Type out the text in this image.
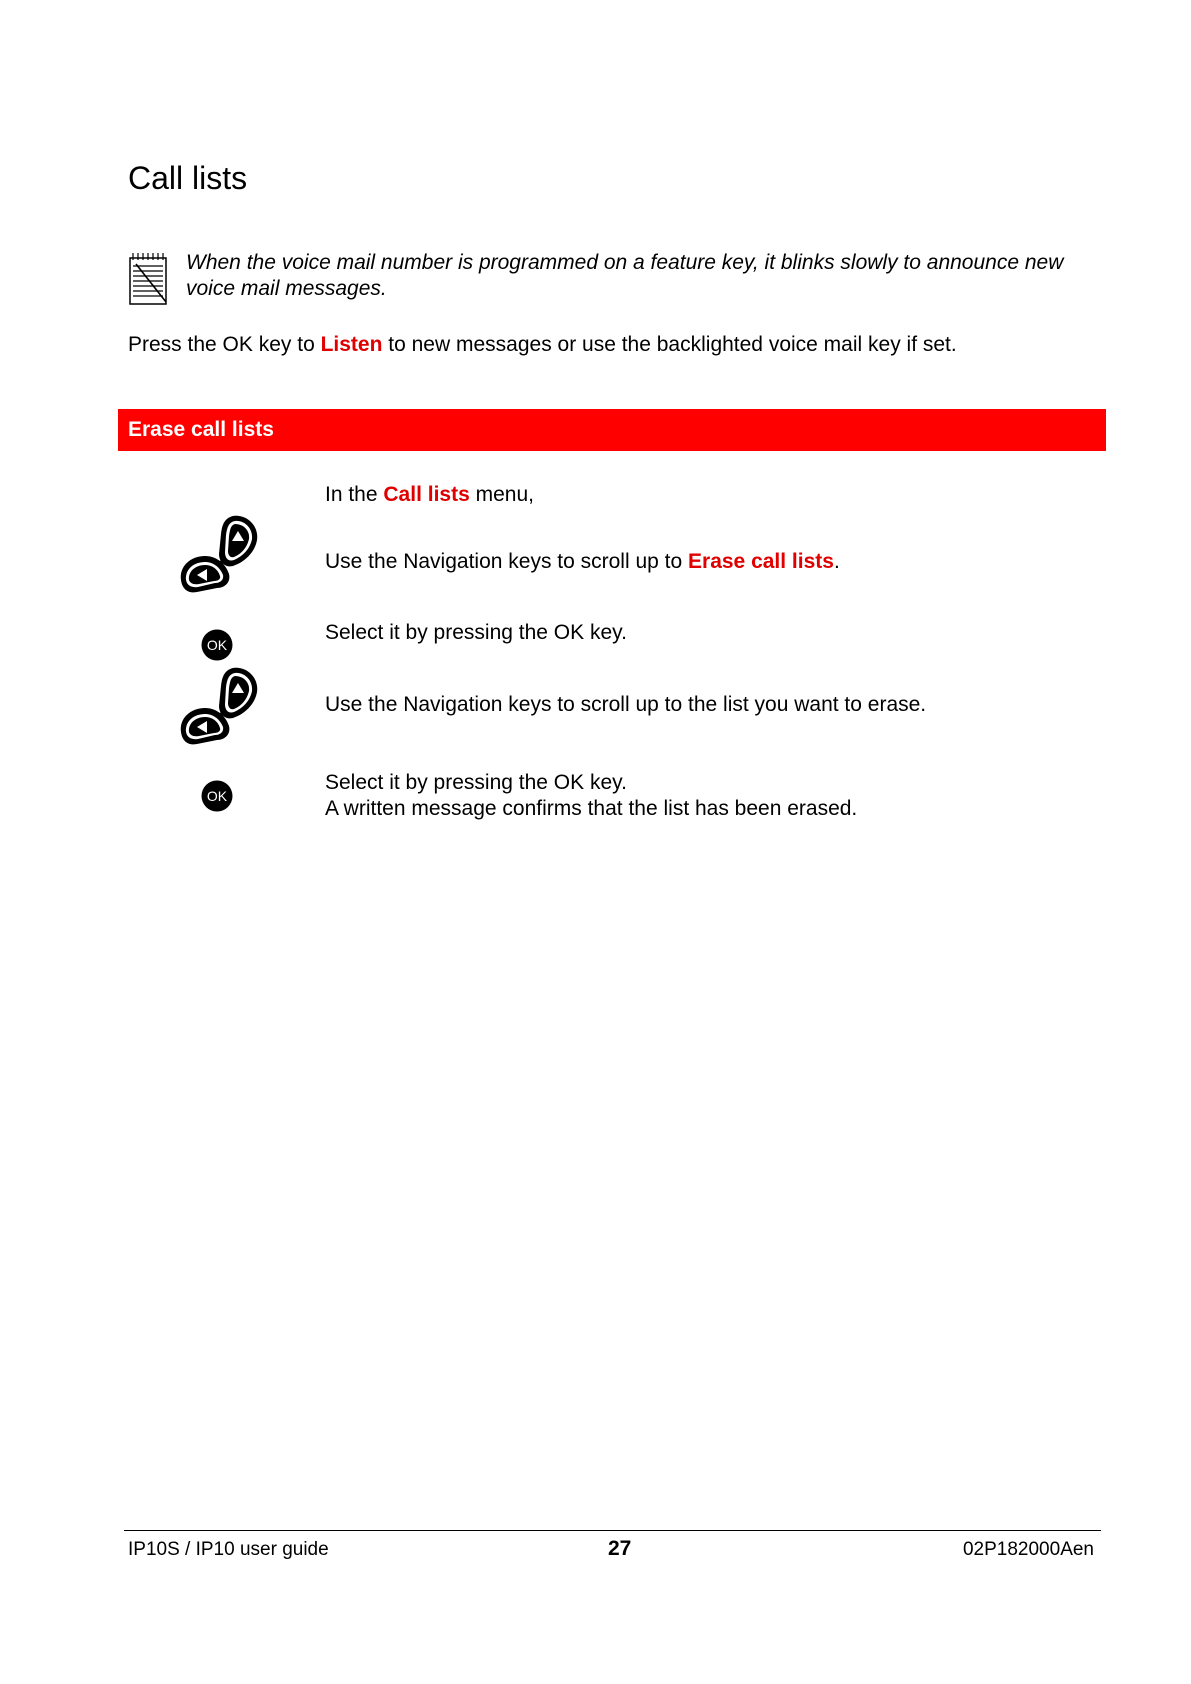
Call lists
When the voice mail number is programmed on a feature key, it blinks slowly to announce new voice mail messages.
Press the OK key to Listen to new messages or use the backlighted voice mail key if set.
Erase call lists
In the Call lists menu,
Use the Navigation keys to scroll up to Erase call lists.
OK
Select it by pressing the OK key.
Use the Navigation keys to scroll up to the list you want to erase.
OK
Select it by pressing the OK key.
A written message confirms that the list has been erased.
IP10S / IP10 user guide	27	02P182000Aen
